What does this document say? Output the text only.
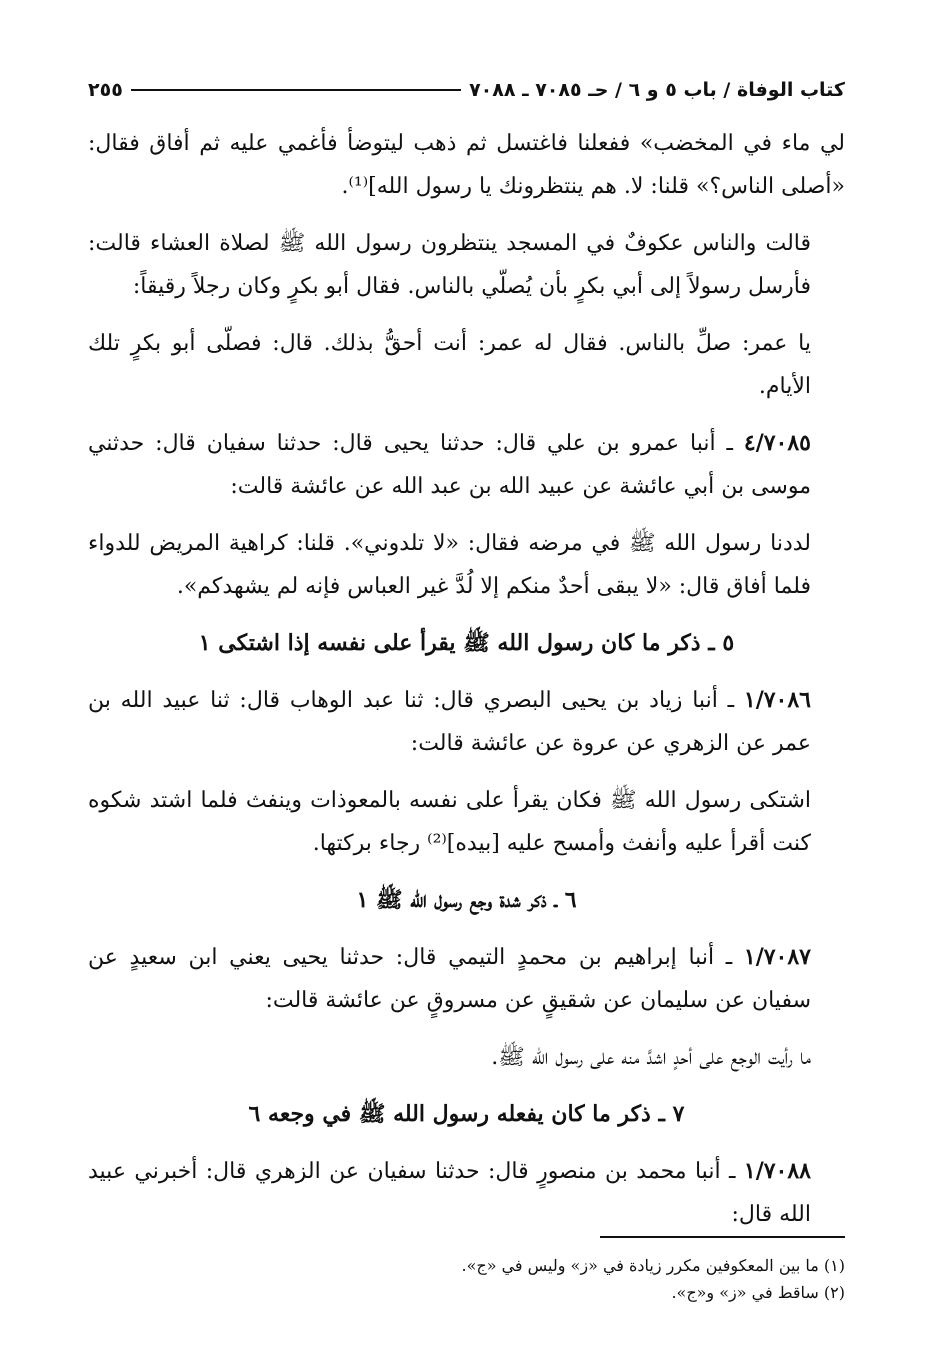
كتاب الوفاة / باب ٥ و ٦ / حـ ٧٠٨٥ ـ ٧٠٨٨
٢٥٥

لي ماء في المخضب» ففعلنا فاغتسل ثم ذهب ليتوضأ فأغمي عليه ثم أفاق فقال: «أصلى الناس؟» قلنا: لا. هم ينتظرونك يا رسول الله]⁽¹⁾.

قالت والناس عكوفٌ في المسجد ينتظرون رسول الله ﷺ لصلاة العشاء قالت: فأرسل رسولاً إلى أبي بكرٍ بأن يُصلّي بالناس. فقال أبو بكرٍ وكان رجلاً رقيقاً:

يا عمر: صلِّ بالناس. فقال له عمر: أنت أحقُّ بذلك. قال: فصلّى أبو بكرٍ تلك الأيام.

٤/٧٠٨٥ ـ أنبا عمرو بن علي قال: حدثنا يحيى قال: حدثنا سفيان قال: حدثني موسى بن أبي عائشة عن عبيد الله بن عبد الله عن عائشة قالت:

لددنا رسول الله ﷺ في مرضه فقال: «لا تلدوني». قلنا: كراهية المريض للدواء فلما أفاق قال: «لا يبقى أحدٌ منكم إلا لُدَّ غير العباس فإنه لم يشهدكم».

٥ ـ ذكر ما كان رسول الله ﷺ يقرأ على نفسه إذا اشتكى ١

١/٧٠٨٦ ـ أنبا زياد بن يحيى البصري قال: ثنا عبد الوهاب قال: ثنا عبيد الله بن عمر عن الزهري عن عروة عن عائشة قالت:

اشتكى رسول الله ﷺ فكان يقرأ على نفسه بالمعوذات وينفث فلما اشتد شكوه كنت أقرأ عليه وأنفث وأمسح عليه [بيده]⁽²⁾ رجاء بركتها.

٦ ـ ذكر شدة وجع رسول الله ﷺ ١

١/٧٠٨٧ ـ أنبا إبراهيم بن محمدٍ التيمي قال: حدثنا يحيى يعني ابن سعيدٍ عن سفيان عن سليمان عن شقيقٍ عن مسروقٍ عن عائشة قالت:

ما رأيت الوجع على أحدٍ اشدَّ منه على رسول الله ﷺ.

٧ ـ ذكر ما كان يفعله رسول الله ﷺ في وجعه ٦

١/٧٠٨٨ ـ أنبا محمد بن منصورٍ قال: حدثنا سفيان عن الزهري قال: أخبرني عبيد الله قال:

(١) ما بين المعكوفين مكرر زيادة في «ز» وليس في «ج».

(٢) ساقط في «ز» و«ج».
